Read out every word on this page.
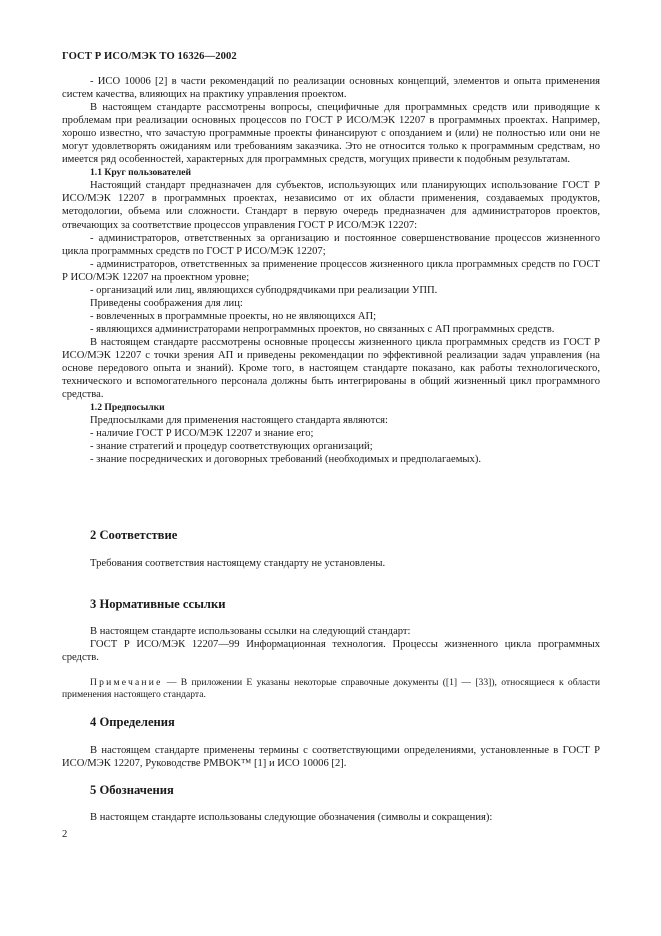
ГОСТ Р ИСО/МЭК ТО 16326—2002

- ИСО 10006 [2] в части рекомендаций по реализации основных концепций, элементов и опыта применения систем качества, влияющих на практику управления проектом.

В настоящем стандарте рассмотрены вопросы, специфичные для программных средств или приводящие к проблемам при реализации основных процессов по ГОСТ Р ИСО/МЭК 12207 в программных проектах. Например, хорошо известно, что зачастую программные проекты финансируют с опозданием и (или) не полностью или они не могут удовлетворять ожиданиям или требованиям заказчика. Это не относится только к программным средствам, но имеется ряд особенностей, характерных для программных средств, могущих привести к подобным результатам.

1.1 Круг пользователей

Настоящий стандарт предназначен для субъектов, использующих или планирующих использование ГОСТ Р ИСО/МЭК 12207 в программных проектах, независимо от их области применения, создаваемых продуктов, методологии, объема или сложности. Стандарт в первую очередь предназначен для администраторов проектов, отвечающих за соответствие процессов управления ГОСТ Р ИСО/МЭК 12207:

- администраторов, ответственных за организацию и постоянное совершенствование процессов жизненного цикла программных средств по ГОСТ Р ИСО/МЭК 12207;

- администраторов, ответственных за применение процессов жизненного цикла программных средств по ГОСТ Р ИСО/МЭК 12207 на проектном уровне;

- организаций или лиц, являющихся субподрядчиками при реализации УПП.

Приведены соображения для лиц:

- вовлеченных в программные проекты, но не являющихся АП;

- являющихся администраторами непрограммных проектов, но связанных с АП программных средств.

В настоящем стандарте рассмотрены основные процессы жизненного цикла программных средств из ГОСТ Р ИСО/МЭК 12207 с точки зрения АП и приведены рекомендации по эффективной реализации задач управления (на основе передового опыта и знаний). Кроме того, в настоящем стандарте показано, как работы технологического, технического и вспомогательного персонала должны быть интегрированы в общий жизненный цикл программного средства.

1.2 Предпосылки

Предпосылками для применения настоящего стандарта являются:

- наличие ГОСТ Р ИСО/МЭК 12207 и знание его;

- знание стратегий и процедур соответствующих организаций;

- знание посреднических и договорных требований (необходимых и предполагаемых).

2 Соответствие

Требования соответствия настоящему стандарту не установлены.

3 Нормативные ссылки

В настоящем стандарте использованы ссылки на следующий стандарт:

ГОСТ Р ИСО/МЭК 12207—99 Информационная технология. Процессы жизненного цикла программных средств.

Примечание — В приложении Е указаны некоторые справочные документы ([1] — [33]), относящиеся к области применения настоящего стандарта.

4 Определения

В настоящем стандарте применены термины с соответствующими определениями, установленные в ГОСТ Р ИСО/МЭК 12207, Руководстве PMBOK™ [1] и ИСО 10006 [2].

5 Обозначения

В настоящем стандарте использованы следующие обозначения (символы и сокращения):

2
